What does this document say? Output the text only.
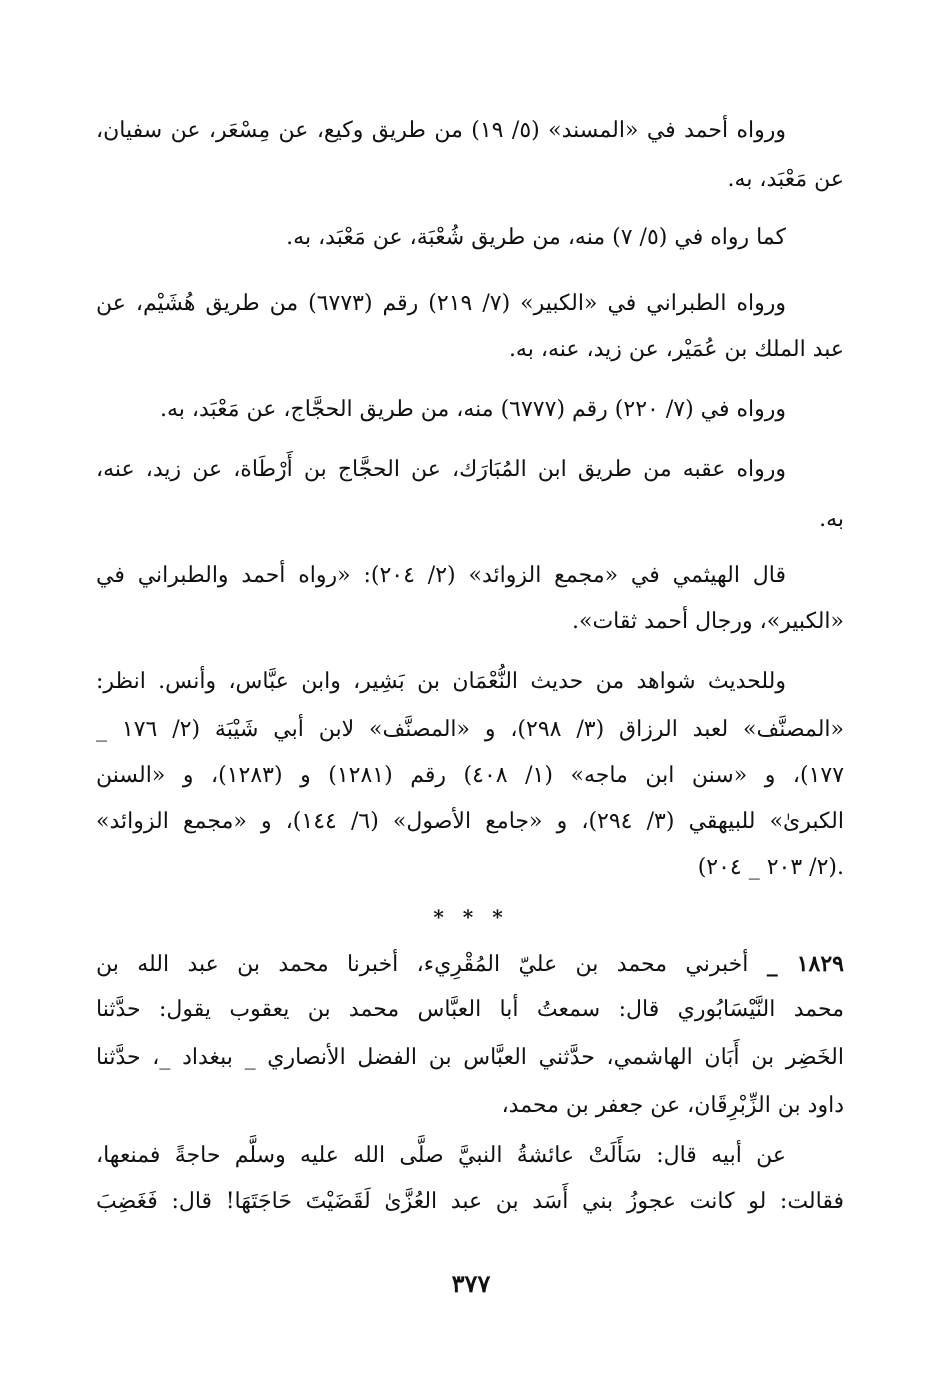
ورواه أحمد في «المسند» (٥/ ١٩) من طريق وكيع، عن مِسْعَر، عن سفيان،
عن مَعْبَد، به.
كما رواه في (٥/ ٧) منه، من طريق شُعْبَة، عن مَعْبَد، به.
ورواه الطبراني في «الكبير» (٧/ ٢١٩) رقم (٦٧٧٣) من طريق هُشَيْم، عن
عبد الملك بن عُمَيْر، عن زيد، عنه، به.
ورواه في (٧/ ٢٢٠) رقم (٦٧٧٧) منه، من طريق الحجَّاج، عن مَعْبَد، به.
ورواه عقبه من طريق ابن المُبَارَك، عن الحجَّاج بن أَرْطَاة، عن زيد، عنه،
به.
قال الهيثمي في «مجمع الزوائد» (٢/ ٢٠٤): «رواه أحمد والطبراني في
«الكبير»، ورجال أحمد ثقات».
وللحديث شواهد من حديث النُّعْمَان بن بَشِير، وابن عبَّاس، وأنس. انظر:
«المصنَّف» لعبد الرزاق (٣/ ٢٩٨)، و «المصنَّف» لابن أبي شَيْبَة (٢/ ١٧٦ _
١٧٧)، و «سنن ابن ماجه» (١/ ٤٠٨) رقم (١٢٨١) و (١٢٨٣)، و «السنن
الكبرىٰ» للبيهقي (٣/ ٢٩٤)، و «جامع الأصول» (٦/ ١٤٤)، و «مجمع الزوائد»
(٢/ ٢٠٣ _ ٢٠٤).
* * *
١٨٢٩ _ أخبرني محمد بن عليّ المُقْرِيء، أخبرنا محمد بن عبد الله بن
محمد النَّيْسَابُوري قال: سمعتُ أبا العبَّاس محمد بن يعقوب يقول: حدَّثنا
الخَضِر بن أَبَان الهاشمي، حدَّثني العبَّاس بن الفضل الأنصاري _ ببغداد _، حدَّثنا
داود بن الزِّبْرِقَان، عن جعفر بن محمد،
عن أبيه قال: سَأَلَتْ عائشةُ النبيَّ صلَّى الله عليه وسلَّم حاجةً فمنعها،
فقالت: لو كانت عجوزُ بني أَسَد بن عبد العُزَّىٰ لَقَضَيْتَ حَاجَتَهَا! قال: فَغَضِبَ
٣٧٧
